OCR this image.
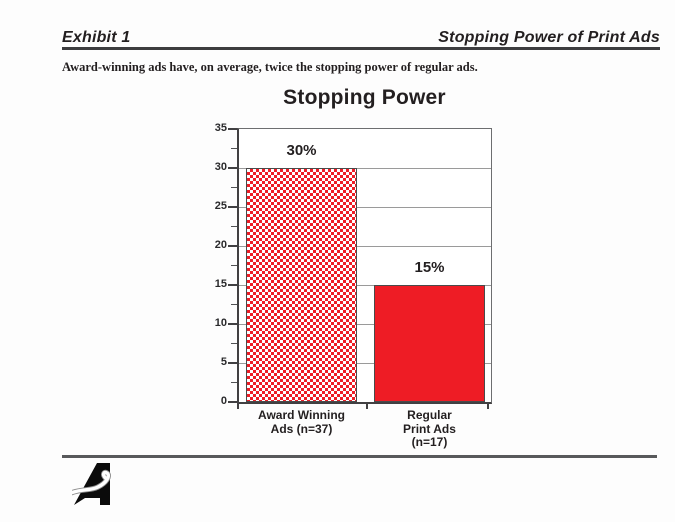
Exhibit 1	Stopping Power of Print Ads
Award-winning ads have, on average, twice the stopping power of regular ads.
Stopping Power
0
5
10
15
20
25
30
35
30%
Award Winning
Ads (n=37)
15%
Regular
Print Ads
(n=17)
